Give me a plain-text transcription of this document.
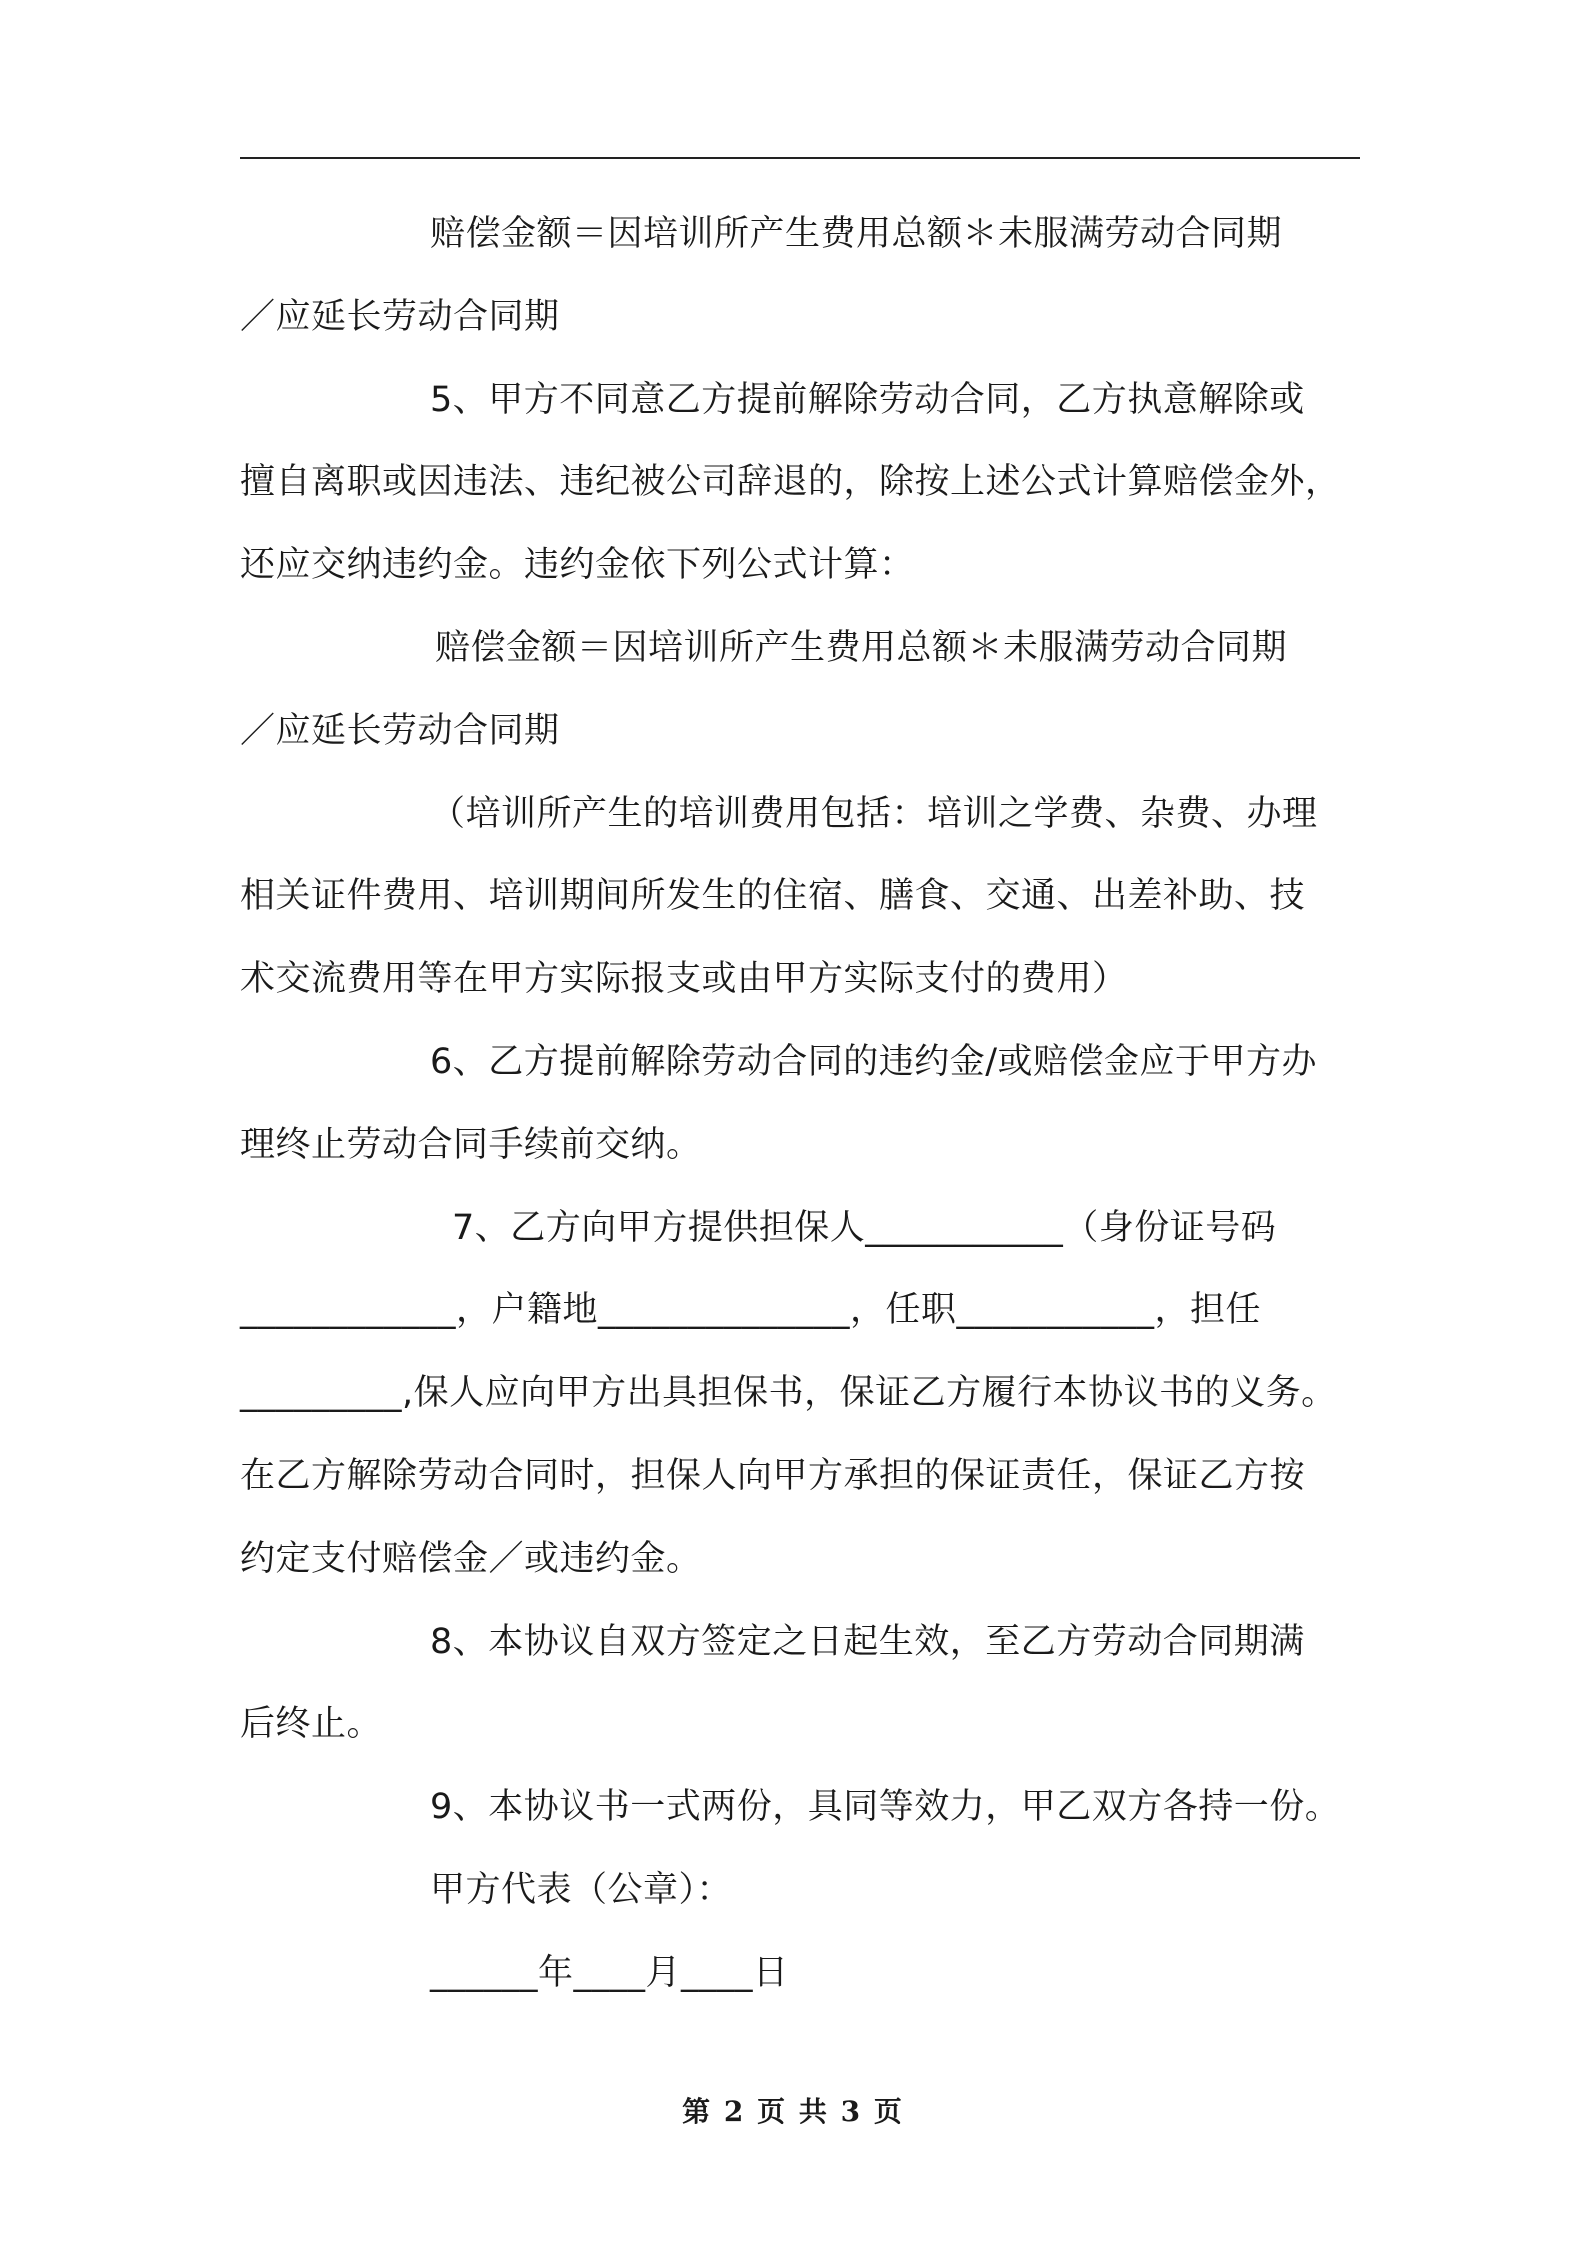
赔偿金额＝因培训所产生费用总额＊未服满劳动合同期
／应延长劳动合同期
5、甲方不同意乙方提前解除劳动合同，乙方执意解除或
擅自离职或因违法、违纪被公司辞退的，除按上述公式计算赔偿金外，
还应交纳违约金。违约金依下列公式计算：
赔偿金额＝因培训所产生费用总额＊未服满劳动合同期
／应延长劳动合同期
（培训所产生的培训费用包括：培训之学费、杂费、办理
相关证件费用、培训期间所发生的住宿、膳食、交通、出差补助、技
术交流费用等在甲方实际报支或由甲方实际支付的费用）
6、乙方提前解除劳动合同的违约金/或赔偿金应于甲方办
理终止劳动合同手续前交纳。
7、乙方向甲方提供担保人___________（身份证号码
____________，户籍地______________，任职___________，担任
_________,保人应向甲方出具担保书，保证乙方履行本协议书的义务。
在乙方解除劳动合同时，担保人向甲方承担的保证责任，保证乙方按
约定支付赔偿金／或违约金。
8、本协议自双方签定之日起生效，至乙方劳动合同期满
后终止。
9、本协议书一式两份，具同等效力，甲乙双方各持一份。
甲方代表（公章）：
______年____月____日
第 2 页 共 3 页
